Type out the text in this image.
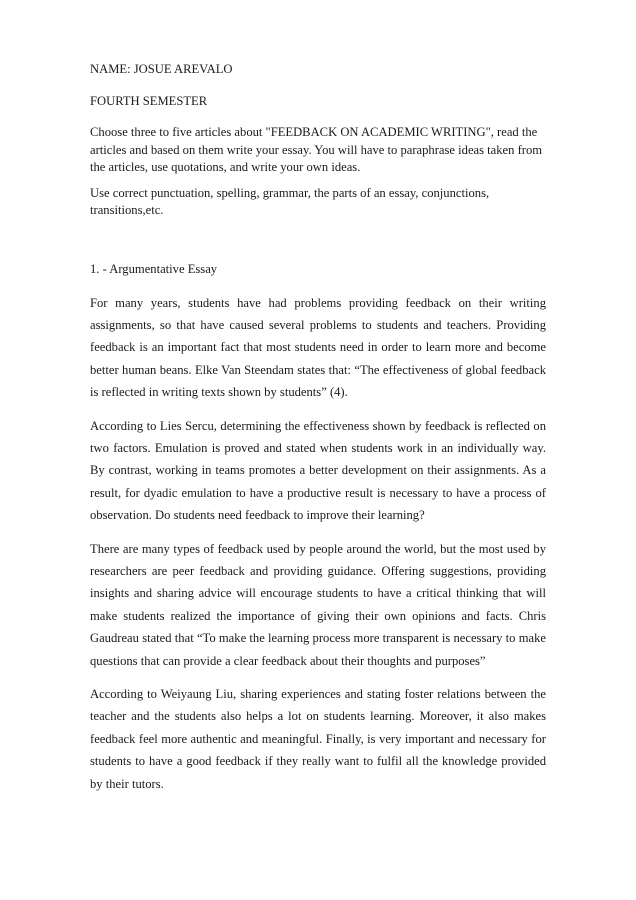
NAME: JOSUE AREVALO

FOURTH SEMESTER

Choose three to five articles about "FEEDBACK ON ACADEMIC WRITING", read the articles and based on them write your essay. You will have to paraphrase ideas taken from the articles, use quotations, and write your own ideas.

Use correct punctuation, spelling, grammar, the parts of an essay, conjunctions, transitions,etc.

1. - Argumentative Essay

For many years, students have had problems providing feedback on their writing assignments, so that have caused several problems to students and teachers. Providing feedback is an important fact that most students need in order to learn more and become better human beans. Elke Van Steendam states that: “The effectiveness of global feedback is reflected in writing texts shown by students” (4).

According to Lies Sercu, determining the effectiveness shown by feedback is reflected on two factors. Emulation is proved and stated when students work in an individually way. By contrast, working in teams promotes a better development on their assignments. As a result, for dyadic emulation to have a productive result is necessary to have a process of observation. Do students need feedback to improve their learning?

There are many types of feedback used by people around the world, but the most used by researchers are peer feedback and providing guidance. Offering suggestions, providing insights and sharing advice will encourage students to have a critical thinking that will make students realized the importance of giving their own opinions and facts. Chris Gaudreau stated that “To make the learning process more transparent is necessary to make questions that can provide a clear feedback about their thoughts and purposes”

According to Weiyaung Liu, sharing experiences and stating foster relations between the teacher and the students also helps a lot on students learning. Moreover, it also makes feedback feel more authentic and meaningful. Finally, is very important and necessary for students to have a good feedback if they really want to fulfil all the knowledge provided by their tutors.
